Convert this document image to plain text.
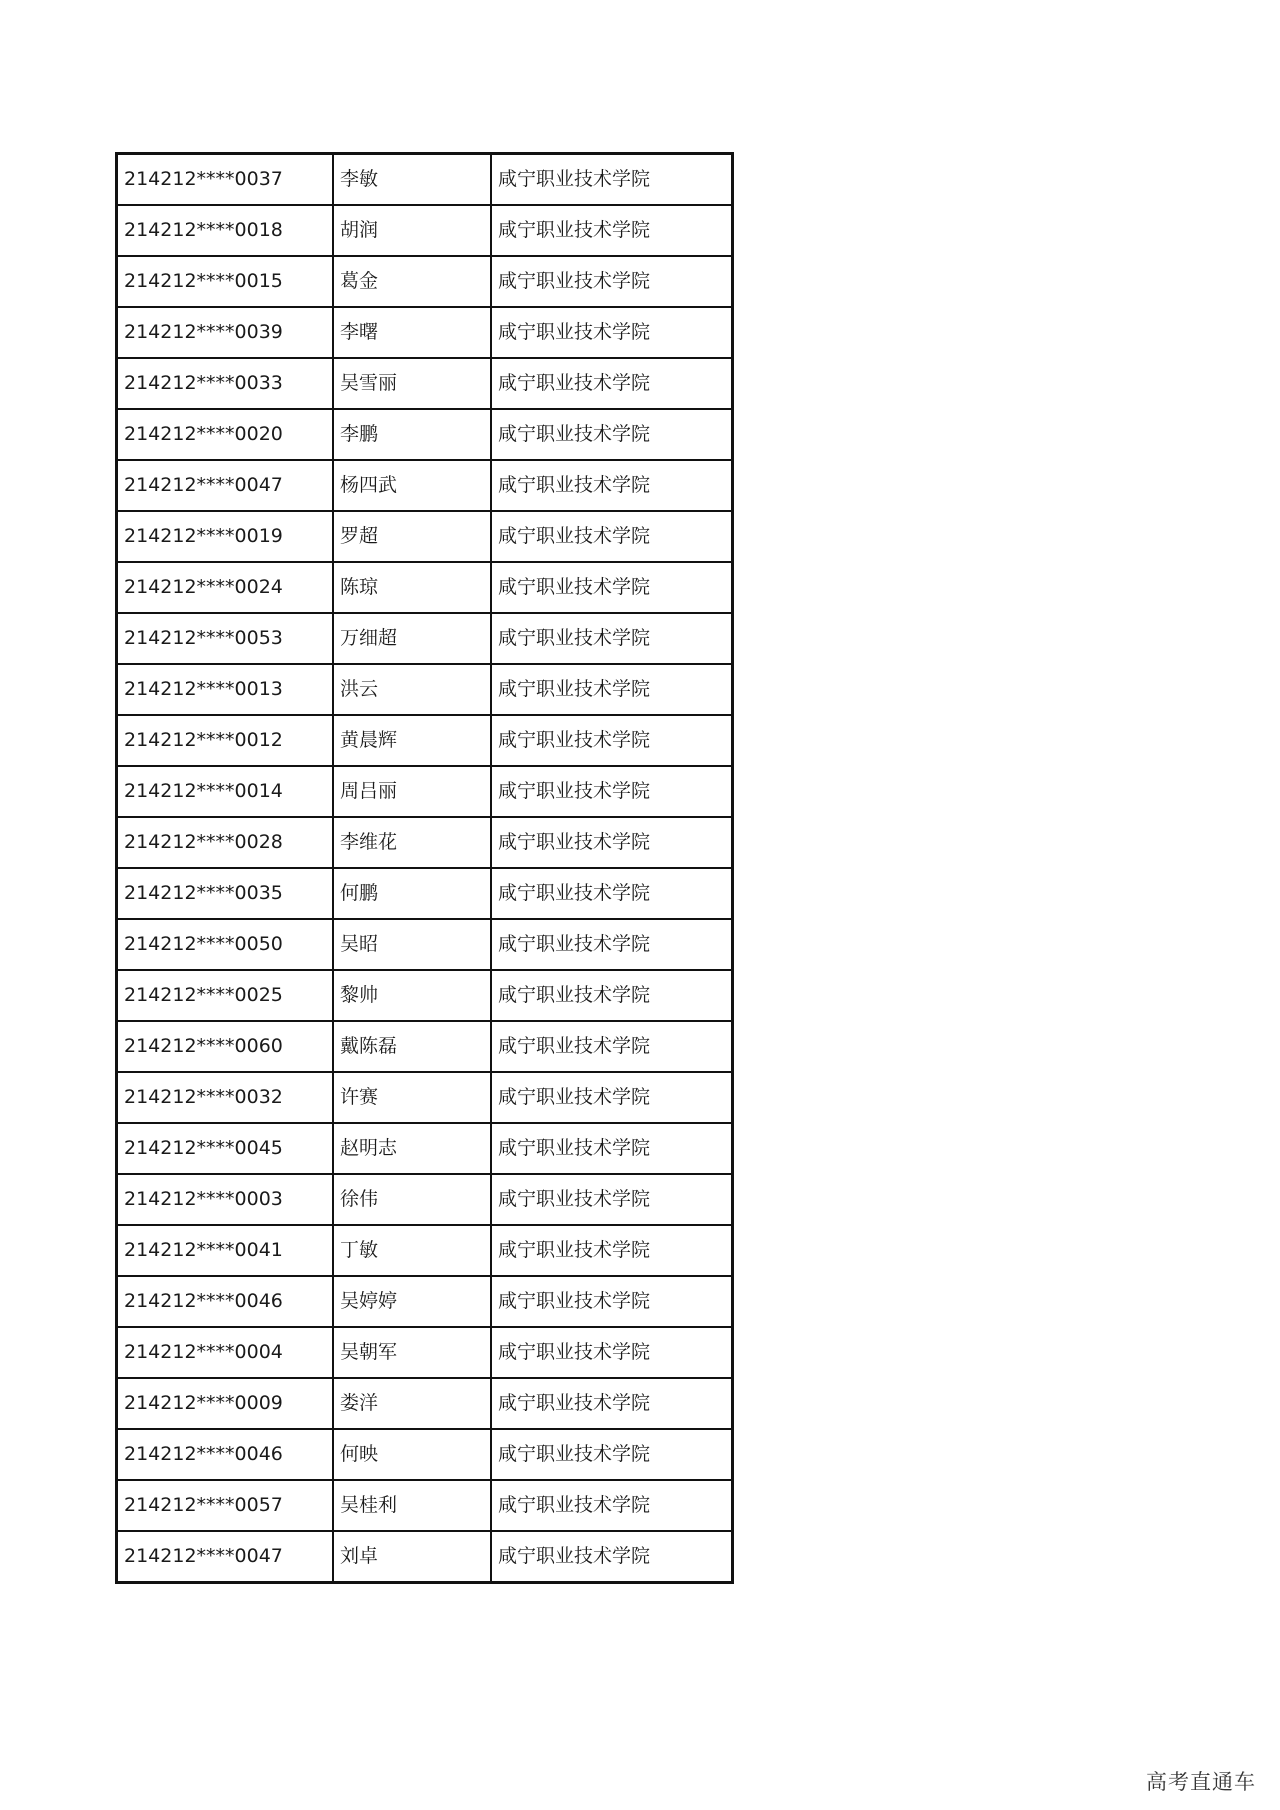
214212****0037	李敏	咸宁职业技术学院
214212****0018	胡润	咸宁职业技术学院
214212****0015	葛金	咸宁职业技术学院
214212****0039	李曙	咸宁职业技术学院
214212****0033	吴雪丽	咸宁职业技术学院
214212****0020	李鹏	咸宁职业技术学院
214212****0047	杨四武	咸宁职业技术学院
214212****0019	罗超	咸宁职业技术学院
214212****0024	陈琼	咸宁职业技术学院
214212****0053	万细超	咸宁职业技术学院
214212****0013	洪云	咸宁职业技术学院
214212****0012	黄晨辉	咸宁职业技术学院
214212****0014	周吕丽	咸宁职业技术学院
214212****0028	李维花	咸宁职业技术学院
214212****0035	何鹏	咸宁职业技术学院
214212****0050	吴昭	咸宁职业技术学院
214212****0025	黎帅	咸宁职业技术学院
214212****0060	戴陈磊	咸宁职业技术学院
214212****0032	许赛	咸宁职业技术学院
214212****0045	赵明志	咸宁职业技术学院
214212****0003	徐伟	咸宁职业技术学院
214212****0041	丁敏	咸宁职业技术学院
214212****0046	吴婷婷	咸宁职业技术学院
214212****0004	吴朝军	咸宁职业技术学院
214212****0009	娄洋	咸宁职业技术学院
214212****0046	何映	咸宁职业技术学院
214212****0057	吴桂利	咸宁职业技术学院
214212****0047	刘卓	咸宁职业技术学院
高考直通车
